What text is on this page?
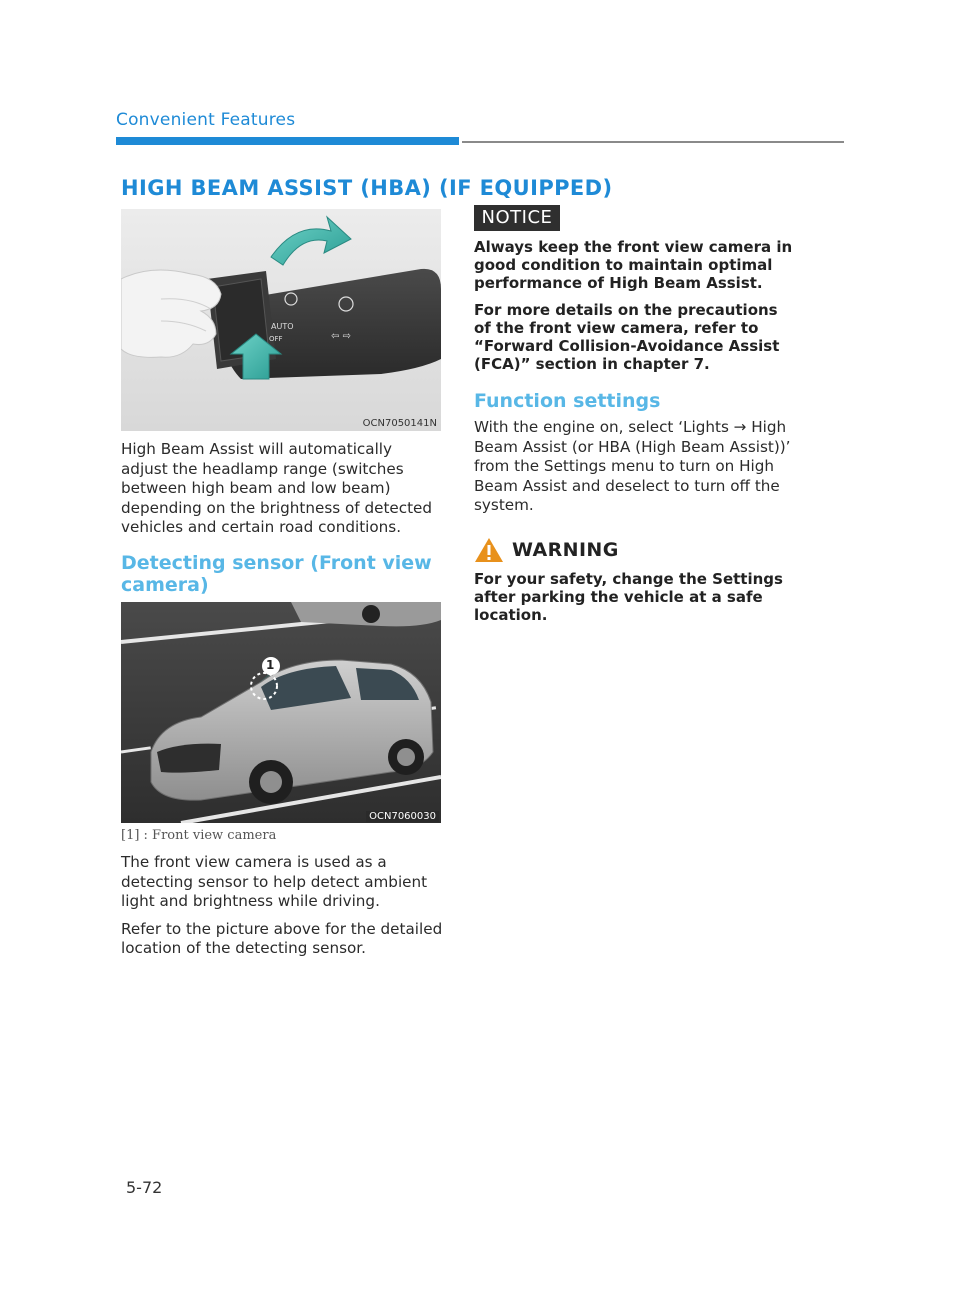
Convenient Features
HIGH BEAM ASSIST (HBA) (IF EQUIPPED)
AUTO
OFF	⇦ ⇨
OCN7050141N

High Beam Assist will automatically adjust the headlamp range (switches between high beam and low beam) depending on the brightness of detected vehicles and certain road conditions.

Detecting sensor (Front view camera)
1
OCN7060030
[1] : Front view camera

The front view camera is used as a detecting sensor to help detect ambient light and brightness while driving.

Refer to the picture above for the detailed location of the detecting sensor.

NOTICE

Always keep the front view camera in good condition to maintain optimal performance of High Beam Assist.

For more details on the precautions of the front view camera, refer to “Forward Collision-Avoidance Assist (FCA)” section in chapter 7.

Function settings

With the engine on, select ‘Lights → High Beam Assist (or HBA (High Beam Assist))’ from the Settings menu to turn on High Beam Assist and deselect to turn off the system.

WARNING

For your safety, change the Settings after parking the vehicle at a safe location.

5-72
